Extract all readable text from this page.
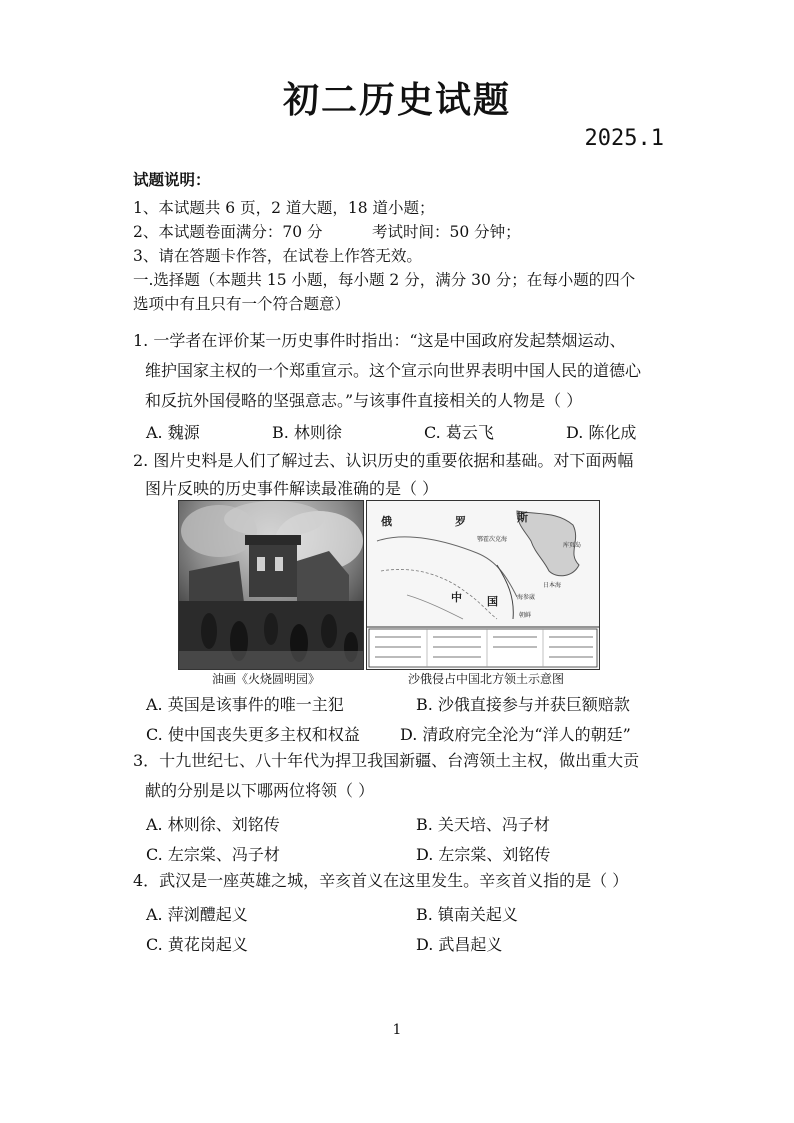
初二历史试题
2025.1
试题说明：
1、本试题共 6 页，2 道大题，18 道小题；
2、本试题卷面满分：70 分	考试时间：50 分钟；
3、请在答题卡作答，在试卷上作答无效。
一.选择题（本题共 15 小题，每小题 2 分，满分 30 分；在每小题的四个
选项中有且只有一个符合题意）
1. 一学者在评价某一历史事件时指出：“这是中国政府发起禁烟运动、
维护国家主权的一个郑重宣示。这个宣示向世界表明中国人民的道德心
和反抗外国侵略的坚强意志。”与该事件直接相关的人物是（ ）
A. 魏源	B. 林则徐	C. 葛云飞	D. 陈化成
2. 图片史料是人们了解过去、认识历史的重要依据和基础。对下面两幅
图片反映的历史事件解读最准确的是（ ）
俄	罗	斯
中 国
库页岛
鄂霍次克海
海参崴
朝鲜
日本海
油画《火烧圆明园》	沙俄侵占中国北方领土示意图
A. 英国是该事件的唯一主犯	B. 沙俄直接参与并获巨额赔款
C. 使中国丧失更多主权和权益	D. 清政府完全沦为“洋人的朝廷”
3．十九世纪七、八十年代为捍卫我国新疆、台湾领土主权，做出重大贡
献的分别是以下哪两位将领（ ）
A. 林则徐、刘铭传	B. 关天培、冯子材
C. 左宗棠、冯子材	D. 左宗棠、刘铭传
4．武汉是一座英雄之城，辛亥首义在这里发生。辛亥首义指的是（ ）
A. 萍浏醴起义	B. 镇南关起义
C. 黄花岗起义	D. 武昌起义
1
